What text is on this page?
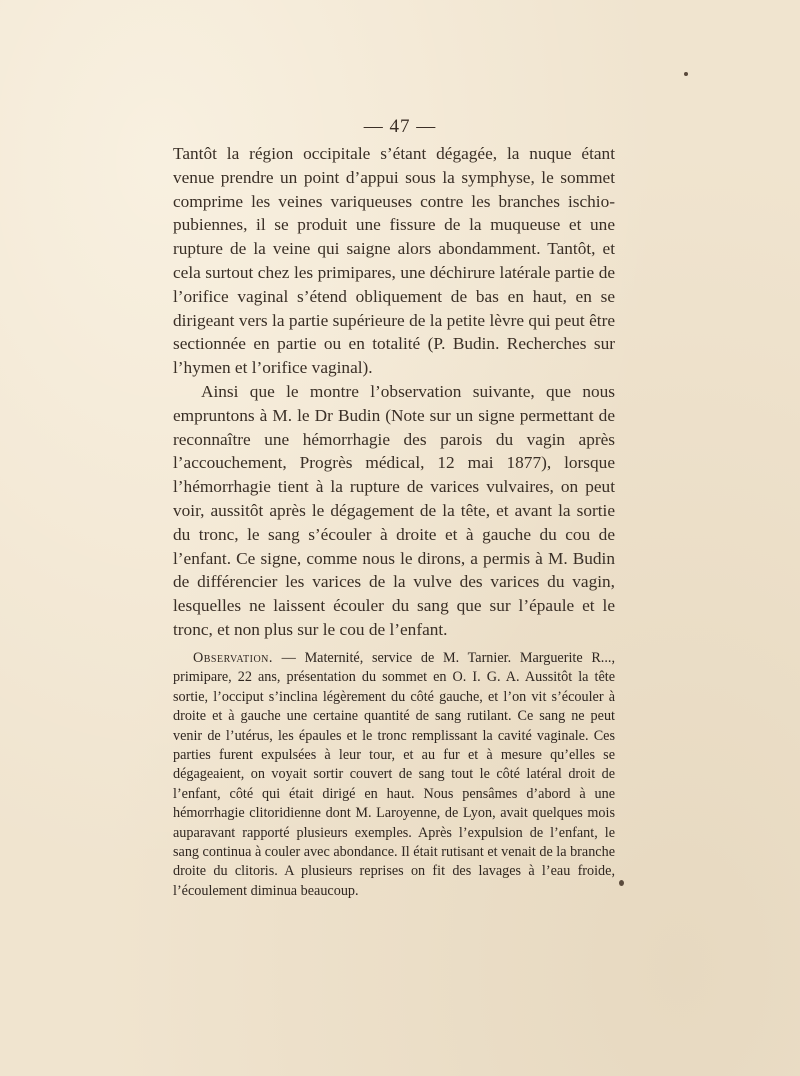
— 47 —

Tantôt la région occipitale s’étant dégagée, la nuque étant venue prendre un point d’appui sous la symphyse, le sommet comprime les veines variqueuses contre les branches ischio-pubiennes, il se produit une fissure de la muqueuse et une rupture de la veine qui saigne alors abondamment. Tantôt, et cela surtout chez les primipares, une déchirure latérale partie de l’orifice vaginal s’étend obliquement de bas en haut, en se dirigeant vers la partie supérieure de la petite lèvre qui peut être sectionnée en partie ou en totalité (P. Budin. Recherches sur l’hymen et l’orifice vaginal).

Ainsi que le montre l’observation suivante, que nous empruntons à M. le Dr Budin (Note sur un signe permettant de reconnaître une hémorrhagie des parois du vagin après l’accouchement, Progrès médical, 12 mai 1877), lorsque l’hémorrhagie tient à la rupture de varices vulvaires, on peut voir, aussitôt après le dégagement de la tête, et avant la sortie du tronc, le sang s’écouler à droite et à gauche du cou de l’enfant. Ce signe, comme nous le dirons, a permis à M. Budin de différencier les varices de la vulve des varices du vagin, lesquelles ne laissent écouler du sang que sur l’épaule et le tronc, et non plus sur le cou de l’enfant.

Observation. — Maternité, service de M. Tarnier. Marguerite R..., primipare, 22 ans, présentation du sommet en O. I. G. A. Aussitôt la tête sortie, l’occiput s’inclina légèrement du côté gauche, et l’on vit s’écouler à droite et à gauche une certaine quantité de sang rutilant. Ce sang ne peut venir de l’utérus, les épaules et le tronc remplissant la cavité vaginale. Ces parties furent expulsées à leur tour, et au fur et à mesure qu’elles se dégageaient, on voyait sortir couvert de sang tout le côté latéral droit de l’enfant, côté qui était dirigé en haut. Nous pensâmes d’abord à une hémorrhagie clitoridienne dont M. Laroyenne, de Lyon, avait quelques mois auparavant rapporté plusieurs exemples. Après l’expulsion de l’enfant, le sang continua à couler avec abondance. Il était rutisant et venait de la branche droite du clitoris. A plusieurs reprises on fit des lavages à l’eau froide, l’écoulement diminua beaucoup.
